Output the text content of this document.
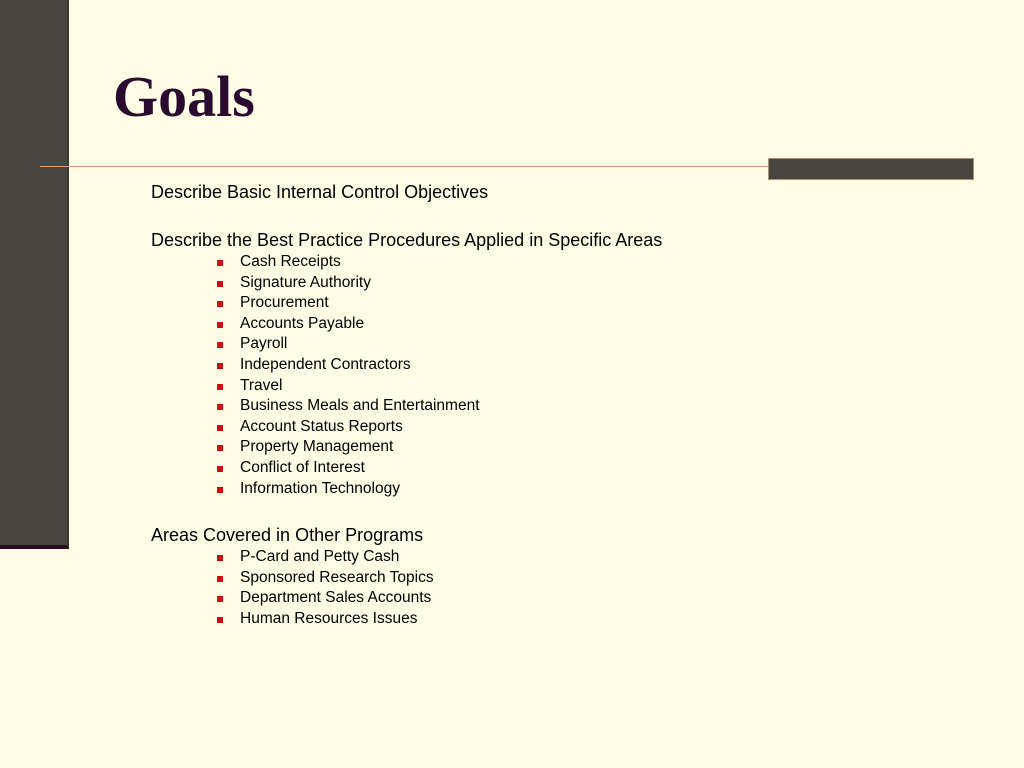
Goals

Describe Basic Internal Control Objectives

Describe the Best Practice Procedures Applied in Specific Areas

Cash Receipts
Signature Authority
Procurement
Accounts Payable
Payroll
Independent Contractors
Travel
Business Meals and Entertainment
Account Status Reports
Property Management
Conflict of Interest
Information Technology

Areas Covered in Other Programs

P-Card and Petty Cash
Sponsored Research Topics
Department Sales Accounts
Human Resources Issues
